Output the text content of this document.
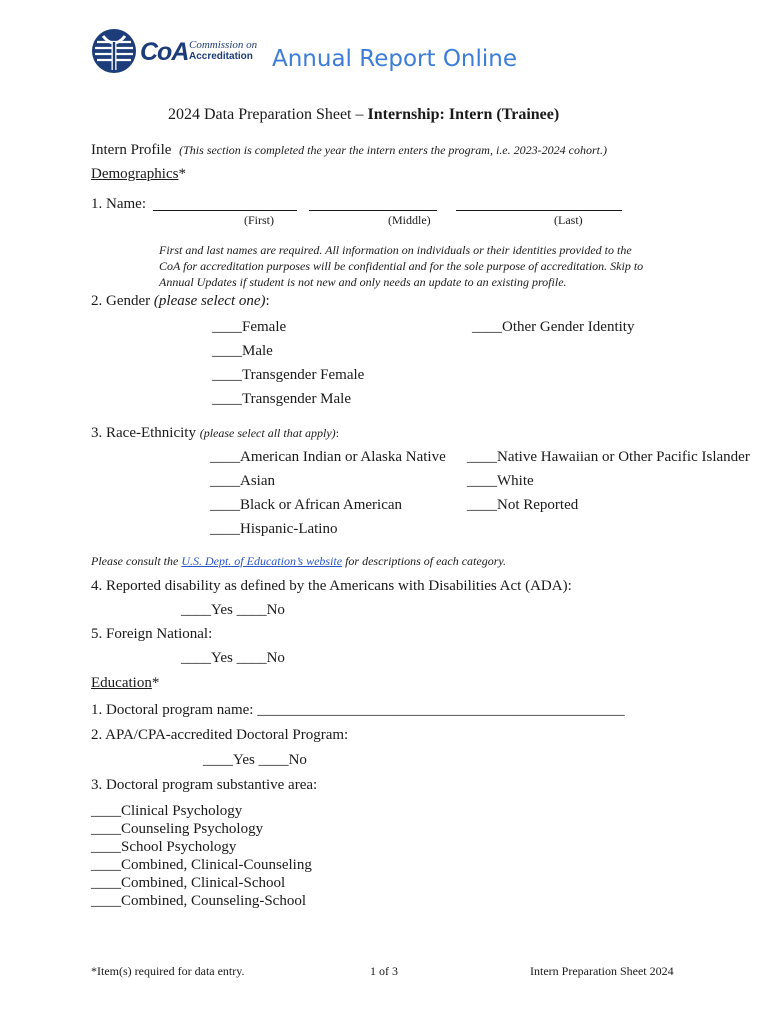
CoA Commission on
Accreditation Annual Report Online
2024 Data Preparation Sheet – Internship: Intern (Trainee)
Intern Profile (This section is completed the year the intern enters the program, i.e. 2023-2024 cohort.)
Demographics*
1. Name:
(First)	(Middle)	(Last)
First and last names are required. All information on individuals or their identities provided to the
CoA for accreditation purposes will be confidential and for the sole purpose of accreditation. Skip to
Annual Updates if student is not new and only needs an update to an existing profile.
2. Gender (please select one):
____Female
____Male
____Transgender Female
____Transgender Male
____Other Gender Identity
3. Race-Ethnicity (please select all that apply):
____American Indian or Alaska Native
____Asian
____Black or African American
____Hispanic-Latino
____Native Hawaiian or Other Pacific Islander
____White
____Not Reported
Please consult the U.S. Dept. of Education’s website for descriptions of each category.
4. Reported disability as defined by the Americans with Disabilities Act (ADA):
____Yes ____No
5. Foreign National:
____Yes ____No
Education*
1. Doctoral program name: _________________________________________________
2. APA/CPA-accredited Doctoral Program:
____Yes ____No
3. Doctoral program substantive area:
____Clinical Psychology
____Counseling Psychology
____School Psychology
____Combined, Clinical-Counseling
____Combined, Clinical-School
____Combined, Counseling-School
*Item(s) required for data entry.	1 of 3	Intern Preparation Sheet 2024
